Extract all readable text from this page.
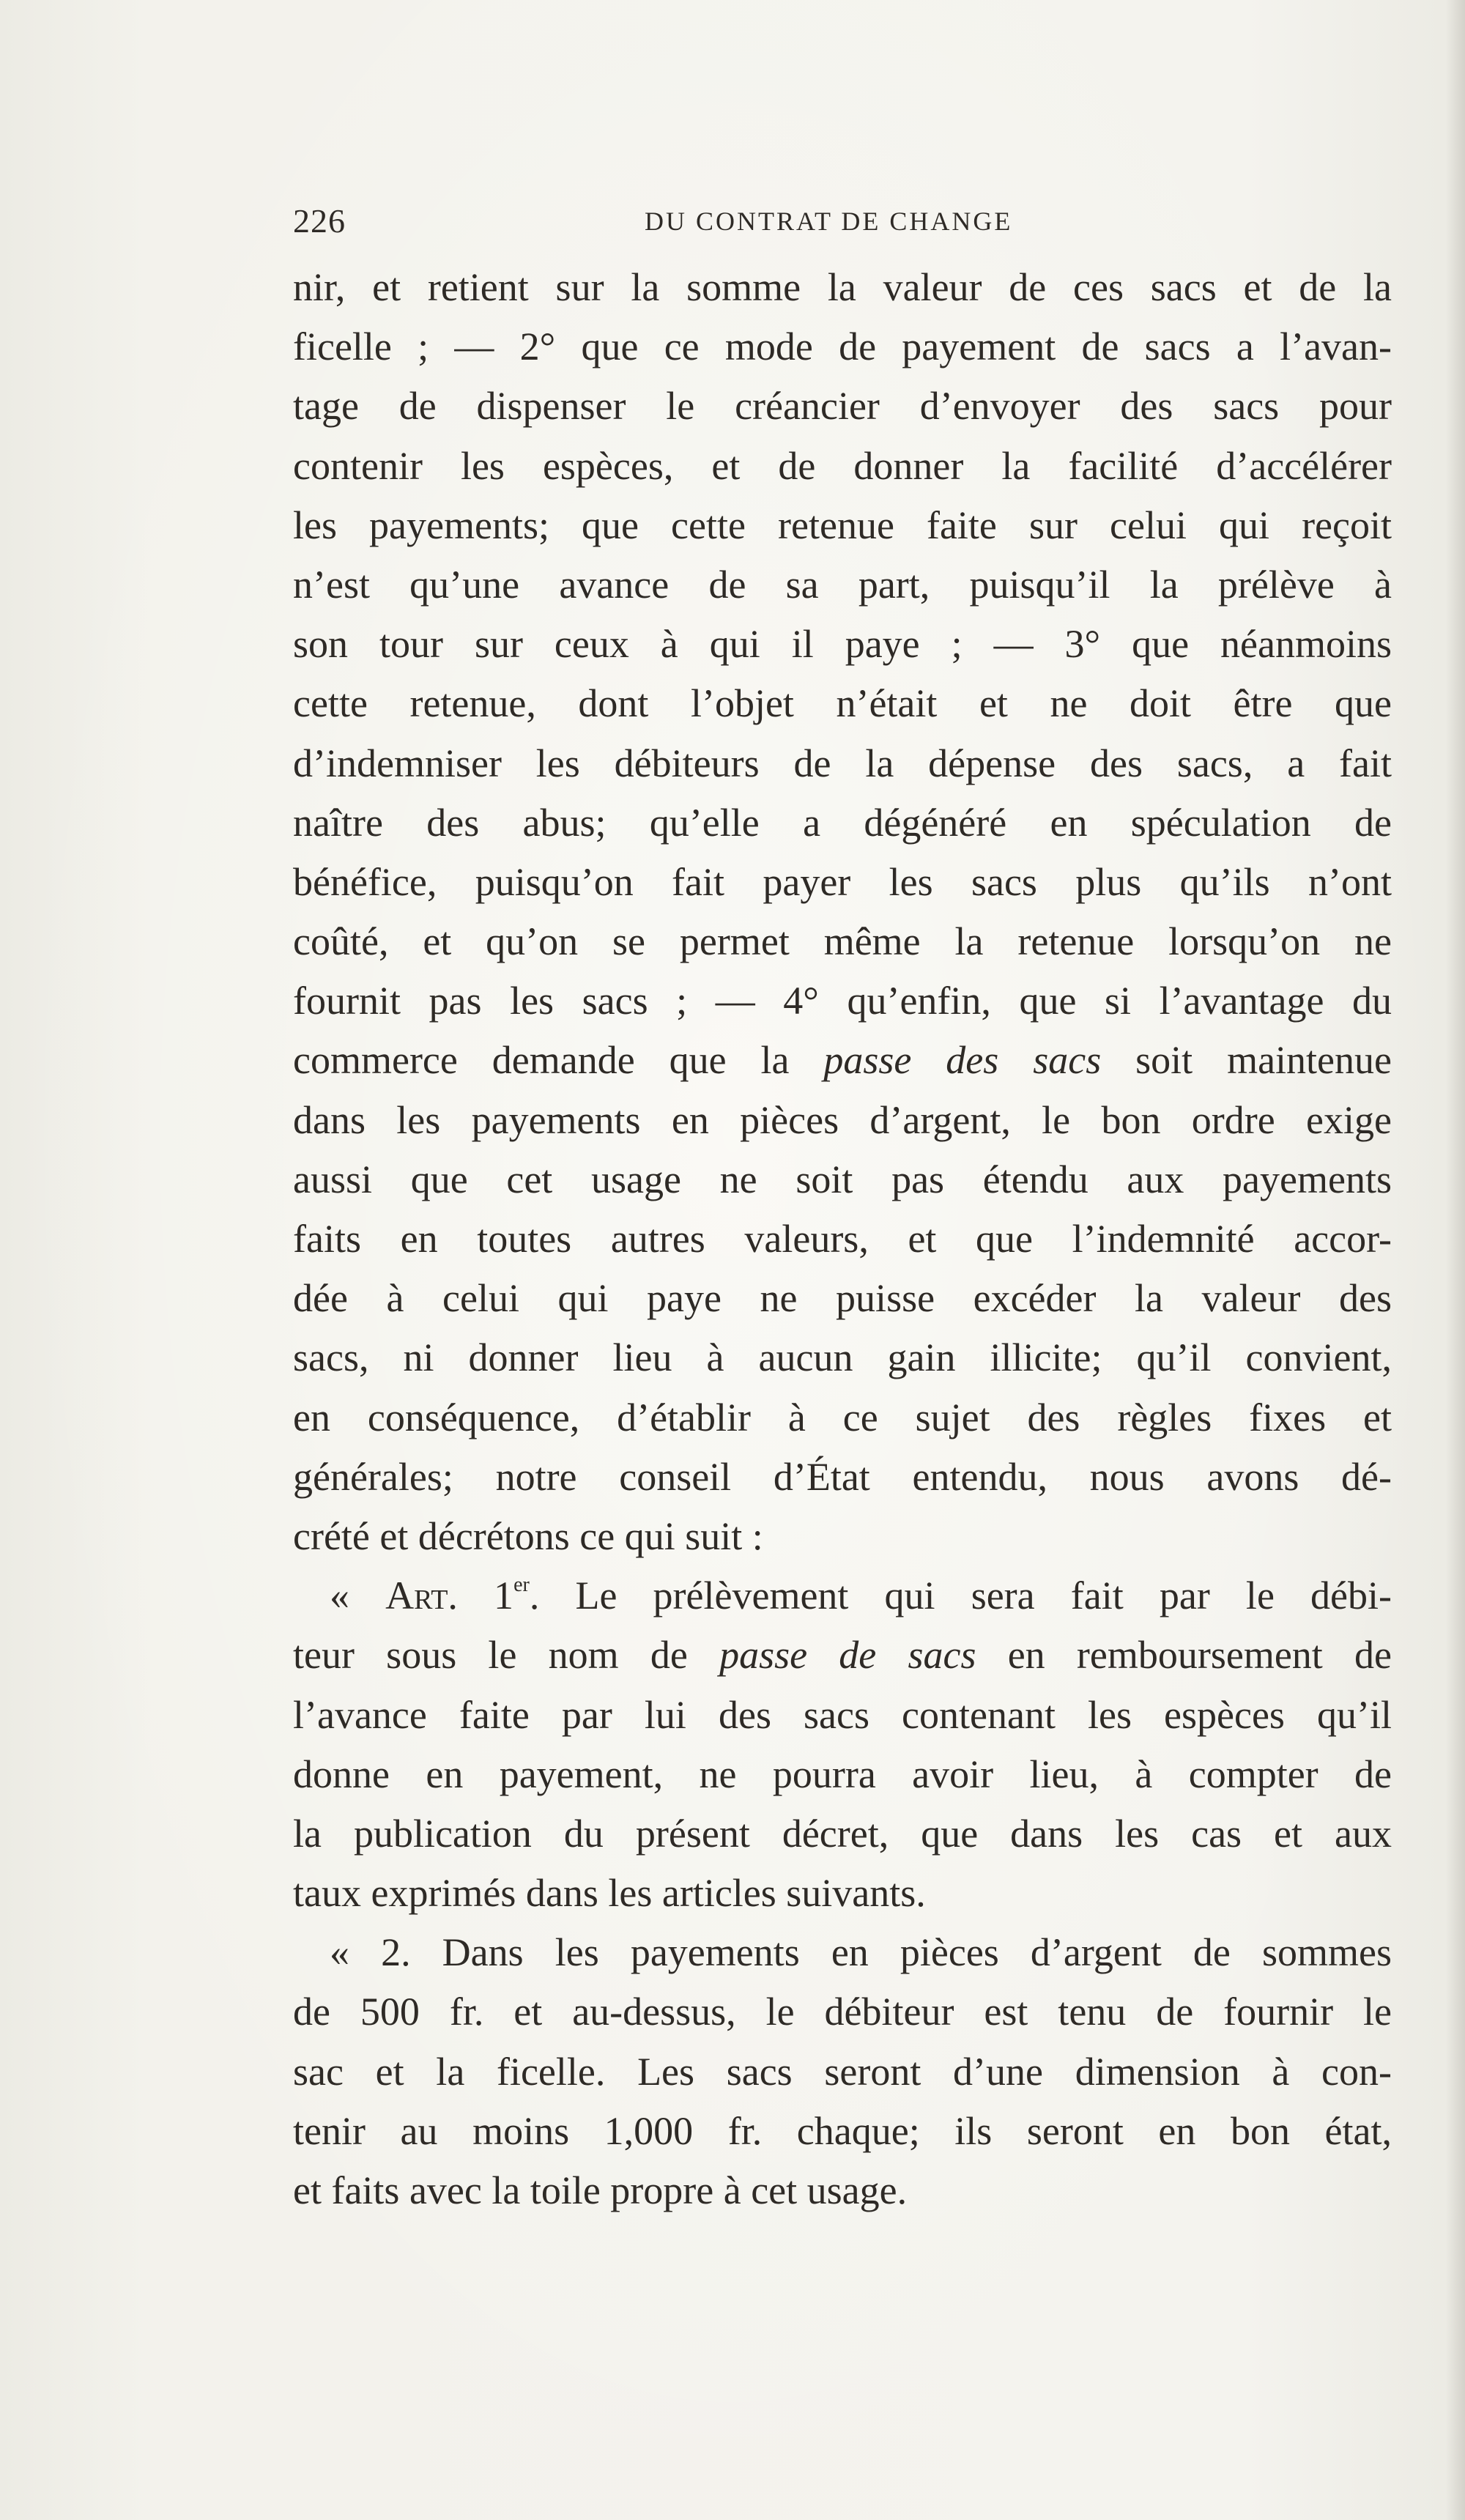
226	DU CONTRAT DE CHANGE
nir, et retient sur la somme la valeur de ces sacs et de la
ficelle ; — 2° que ce mode de payement de sacs a l’avan-
tage de dispenser le créancier d’envoyer des sacs pour
contenir les espèces, et de donner la facilité d’accélérer
les payements; que cette retenue faite sur celui qui reçoit
n’est qu’une avance de sa part, puisqu’il la prélève à
son tour sur ceux à qui il paye ; — 3° que néanmoins
cette retenue, dont l’objet n’était et ne doit être que
d’indemniser les débiteurs de la dépense des sacs, a fait
naître des abus; qu’elle a dégénéré en spéculation de
bénéfice, puisqu’on fait payer les sacs plus qu’ils n’ont
coûté, et qu’on se permet même la retenue lorsqu’on ne
fournit pas les sacs ; — 4° qu’enfin, que si l’avantage du
commerce demande que la passe des sacs soit maintenue
dans les payements en pièces d’argent, le bon ordre exige
aussi que cet usage ne soit pas étendu aux payements
faits en toutes autres valeurs, et que l’indemnité accor-
dée à celui qui paye ne puisse excéder la valeur des
sacs, ni donner lieu à aucun gain illicite; qu’il convient,
en conséquence, d’établir à ce sujet des règles fixes et
générales; notre conseil d’État entendu, nous avons dé-
crété et décrétons ce qui suit :
« Art. 1er. Le prélèvement qui sera fait par le débi-
teur sous le nom de passe de sacs en remboursement de
l’avance faite par lui des sacs contenant les espèces qu’il
donne en payement, ne pourra avoir lieu, à compter de
la publication du présent décret, que dans les cas et aux
taux exprimés dans les articles suivants.
« 2. Dans les payements en pièces d’argent de sommes
de 500 fr. et au-dessus, le débiteur est tenu de fournir le
sac et la ficelle. Les sacs seront d’une dimension à con-
tenir au moins 1,000 fr. chaque; ils seront en bon état,
et faits avec la toile propre à cet usage.
